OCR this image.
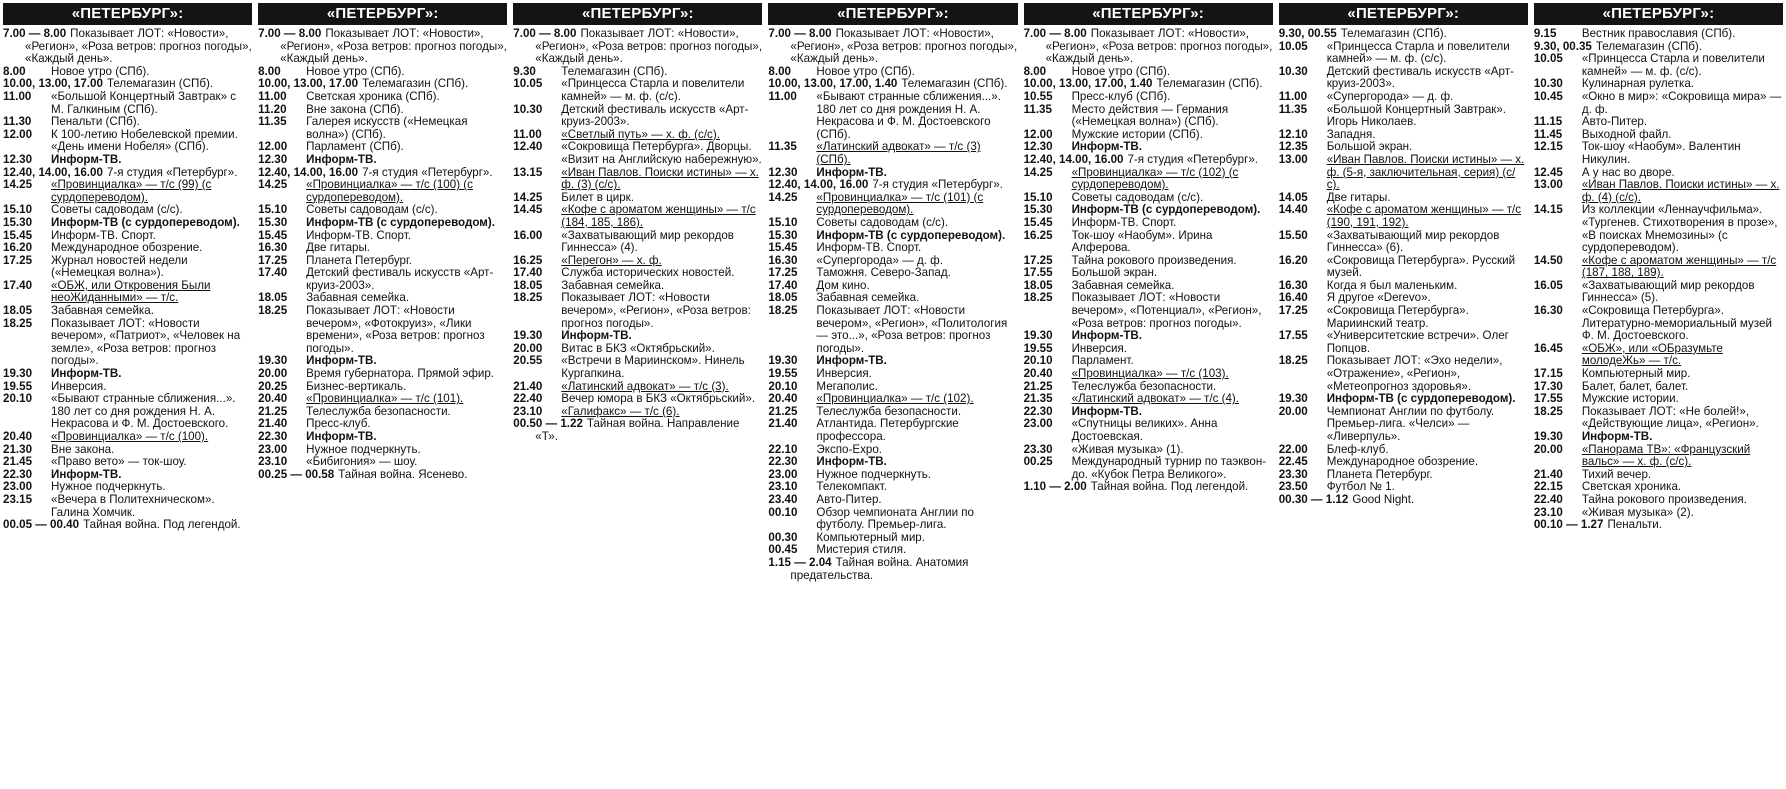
«ПЕТЕРБУРГ»:
7.00 — 8.00 Показывает ЛОТ: «Новости», «Регион», «Роза ветров: прогноз погоды», «Каждый день».
8.00	Новое утро (СПб).
10.00, 13.00, 17.00 Телемагазин (СПб).
11.00	«Большой Концертный Завтрак» с М. Галкиным (СПб).
11.30	Пенальти (СПб).
12.00	К 100-летию Нобелевской премии. «День имени Нобеля» (СПб).
12.30	Информ-ТВ.
12.40, 14.00, 16.00 7-я студия «Петербург».
14.25	«Провинциалка» — т/с (99) (с сурдопереводом).
15.10	Советы садоводам (с/с).
15.30	Информ-ТВ (с сурдопереводом).
15.45	Информ-ТВ. Спорт.
16.20	Международное обозрение.
17.25	Журнал новостей недели («Немецкая волна»).
17.40	«ОБЖ, или Откровения Были неоЖиданными» — т/с.
18.05	Забавная семейка.
18.25	Показывает ЛОТ: «Новости вечером», «Патриот», «Человек на земле», «Роза ветров: прогноз погоды».
19.30	Информ-ТВ.
19.55	Инверсия.
20.10	«Бывают странные сближения...». 180 лет со дня рождения Н. А. Некрасова и Ф. М. Достоевского.
20.40	«Провинциалка» — т/с (100).
21.30	Вне закона.
21.45	«Право вето» — ток-шоу.
22.30	Информ-ТВ.
23.00	Нужное подчеркнуть.
23.15	«Вечера в Политехническом». Галина Хомчик.
00.05 — 00.40 Тайная война. Под легендой.
«ПЕТЕРБУРГ»:
7.00 — 8.00 Показывает ЛОТ: «Новости», «Регион», «Роза ветров: прогноз погоды», «Каждый день».
8.00	Новое утро (СПб).
10.00, 13.00, 17.00 Телемагазин (СПб).
11.00	Светская хроника (СПб).
11.20	Вне закона (СПб).
11.35	Галерея искусств («Немецкая волна») (СПб).
12.00	Парламент (СПб).
12.30	Информ-ТВ.
12.40, 14.00, 16.00 7-я студия «Петербург».
14.25	«Провинциалка» — т/с (100) (с сурдопереводом).
15.10	Советы садоводам (с/с).
15.30	Информ-ТВ (с сурдопереводом).
15.45	Информ-ТВ. Спорт.
16.30	Две гитары.
17.25	Планета Петербург.
17.40	Детский фестиваль искусств «Арт-круиз-2003».
18.05	Забавная семейка.
18.25	Показывает ЛОТ: «Новости вечером», «Фотокруиз», «Лики времени», «Роза ветров: прогноз погоды».
19.30	Информ-ТВ.
20.00	Время губернатора. Прямой эфир.
20.25	Бизнес-вертикаль.
20.40	«Провинциалка» — т/с (101).
21.25	Телеслужба безопасности.
21.40	Пресс-клуб.
22.30	Информ-ТВ.
23.00	Нужное подчеркнуть.
23.10	«Бибигония» — шоу.
00.25 — 00.58 Тайная война. Ясенево.
«ПЕТЕРБУРГ»:
7.00 — 8.00 Показывает ЛОТ: «Новости», «Регион», «Роза ветров: прогноз погоды», «Каждый день».
9.30	Телемагазин (СПб).
10.05	«Принцесса Старла и повелители камней» — м. ф. (с/с).
10.30	Детский фестиваль искусств «Арт-круиз-2003».
11.00	«Светлый путь» — х. ф. (с/с).
12.40	«Сокровища Петербурга». Дворцы. «Визит на Английскую набережную».
13.15	«Иван Павлов. Поиски истины» — х. ф. (3) (с/с).
14.25	Билет в цирк.
14.45	«Кофе с ароматом женщины» — т/с (184, 185, 186).
16.00	«Захватывающий мир рекордов Гиннесса» (4).
16.25	«Перегон» — х. ф.
17.40	Служба исторических новостей.
18.05	Забавная семейка.
18.25	Показывает ЛОТ: «Новости вечером», «Регион», «Роза ветров: прогноз погоды».
19.30	Информ-ТВ.
20.00	Витас в БКЗ «Октябрьский».
20.55	«Встречи в Мариинском». Нинель Кургапкина.
21.40	«Латинский адвокат» — т/с (3).
22.40	Вечер юмора в БКЗ «Октябрьский».
23.10	«Галифакс» — т/с (6).
00.50 — 1.22 Тайная война. Направление «Т».
«ПЕТЕРБУРГ»:
7.00 — 8.00 Показывает ЛОТ: «Новости», «Регион», «Роза ветров: прогноз погоды», «Каждый день».
8.00	Новое утро (СПб).
10.00, 13.00, 17.00, 1.40 Телемагазин (СПб).
11.00	«Бывают странные сближения...». 180 лет со дня рождения Н. А. Некрасова и Ф. М. Достоевского (СПб).
11.35	«Латинский адвокат» — т/с (3) (СПб).
12.30	Информ-ТВ.
12.40, 14.00, 16.00 7-я студия «Петербург».
14.25	«Провинциалка» — т/с (101) (с сурдопереводом).
15.10	Советы садоводам (с/с).
15.30	Информ-ТВ (с сурдопереводом).
15.45	Информ-ТВ. Спорт.
16.30	«Супергорода» — д. ф.
17.25	Таможня. Северо-Запад.
17.40	Дом кино.
18.05	Забавная семейка.
18.25	Показывает ЛОТ: «Новости вечером», «Регион», «Политология — это...», «Роза ветров: прогноз погоды».
19.30	Информ-ТВ.
19.55	Инверсия.
20.10	Мегаполис.
20.40	«Провинциалка» — т/с (102).
21.25	Телеслужба безопасности.
21.40	Атлантида. Петербургские профессора.
22.10	Экспо-Ехро.
22.30	Информ-ТВ.
23.00	Нужное подчеркнуть.
23.10	Телекомпакт.
23.40	Авто-Питер.
00.10	Обзор чемпионата Англии по футболу. Премьер-лига.
00.30	Компьютерный мир.
00.45	Мистерия стиля.
1.15 — 2.04 Тайная война. Анатомия предательства.
«ПЕТЕРБУРГ»:
7.00 — 8.00 Показывает ЛОТ: «Новости», «Регион», «Роза ветров: прогноз погоды», «Каждый день».
8.00	Новое утро (СПб).
10.00, 13.00, 17.00, 1.40 Телемагазин (СПб).
10.55	Пресс-клуб (СПб).
11.35	Место действия — Германия («Немецкая волна») (СПб).
12.00	Мужские истории (СПб).
12.30	Информ-ТВ.
12.40, 14.00, 16.00 7-я студия «Петербург».
14.25	«Провинциалка» — т/с (102) (с сурдопереводом).
15.10	Советы садоводам (с/с).
15.30	Информ-ТВ (с сурдопереводом).
15.45	Информ-ТВ. Спорт.
16.25	Ток-шоу «Наобум». Ирина Алферова.
17.25	Тайна рокового произведения.
17.55	Большой экран.
18.05	Забавная семейка.
18.25	Показывает ЛОТ: «Новости вечером», «Потенциал», «Регион», «Роза ветров: прогноз погоды».
19.30	Информ-ТВ.
19.55	Инверсия.
20.10	Парламент.
20.40	«Провинциалка» — т/с (103).
21.25	Телеслужба безопасности.
21.35	«Латинский адвокат» — т/с (4).
22.30	Информ-ТВ.
23.00	«Спутницы великих». Анна Достоевская.
23.30	«Живая музыка» (1).
00.25	Международный турнир по таэквон-до. «Кубок Петра Великого».
1.10 — 2.00 Тайная война. Под легендой.
«ПЕТЕРБУРГ»:
9.30, 00.55 Телемагазин (СПб).
10.05	«Принцесса Старла и повелители камней» — м. ф. (с/с).
10.30	Детский фестиваль искусств «Арт-круиз-2003».
11.00	«Супергорода» — д. ф.
11.35	«Большой Концертный Завтрак». Игорь Николаев.
12.10	Западня.
12.35	Большой экран.
13.00	«Иван Павлов. Поиски истины» — х. ф. (5-я, заключительная, серия) (с/с).
14.05	Две гитары.
14.40	«Кофе с ароматом женщины» — т/с (190, 191, 192).
15.50	«Захватывающий мир рекордов Гиннесса» (6).
16.20	«Сокровища Петербурга». Русский музей.
16.30	Когда я был маленьким.
16.40	Я другое «Derevo».
17.25	«Сокровища Петербурга». Мариинский театр.
17.55	«Университетские встречи». Олег Попцов.
18.25	Показывает ЛОТ: «Эхо недели», «Отражение», «Регион», «Метеопрогноз здоровья».
19.30	Информ-ТВ (с сурдопереводом).
20.00	Чемпионат Англии по футболу. Премьер-лига. «Челси» — «Ливерпуль».
22.00	Блеф-клуб.
22.45	Международное обозрение.
23.30	Планета Петербург.
23.50	Футбол № 1.
00.30 — 1.12 Good Night.
«ПЕТЕРБУРГ»:
9.15	Вестник православия (СПб).
9.30, 00.35 Телемагазин (СПб).
10.05	«Принцесса Старла и повелители камней» — м. ф. (с/с).
10.30	Кулинарная рулетка.
10.45	«Окно в мир»: «Сокровища мира» — д. ф.
11.15	Авто-Питер.
11.45	Выходной файл.
12.15	Ток-шоу «Наобум». Валентин Никулин.
12.45	А у нас во дворе.
13.00	«Иван Павлов. Поиски истины» — х. ф. (4) (с/с).
14.15	Из коллекции «Леннаучфильма». «Тургенев. Стихотворения в прозе», «В поисках Мнемозины» (с сурдопереводом).
14.50	«Кофе с ароматом женщины» — т/с (187, 188, 189).
16.05	«Захватывающий мир рекордов Гиннесса» (5).
16.30	«Сокровища Петербурга». Литературно-мемориальный музей Ф. М. Достоевского.
16.45	«ОБЖ», или «ОБразумьте молодеЖь» — т/с.
17.15	Компьютерный мир.
17.30	Балет, балет, балет.
17.55	Мужские истории.
18.25	Показывает ЛОТ: «Не болей!», «Действующие лица», «Регион».
19.30	Информ-ТВ.
20.00	«Панорама ТВ»: «Французский вальс» — х. ф. (с/с).
21.40	Тихий вечер.
22.15	Светская хроника.
22.40	Тайна рокового произведения.
23.10	«Живая музыка» (2).
00.10 — 1.27 Пенальти.
